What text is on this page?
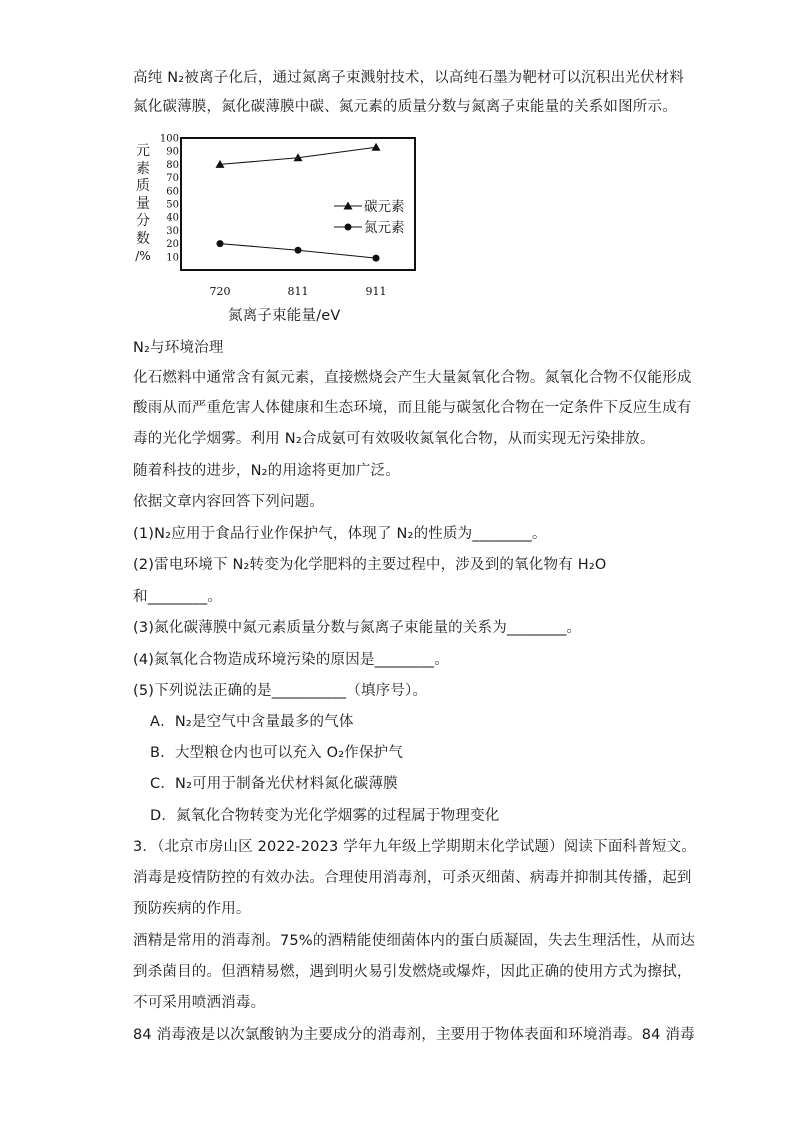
高纯 N₂被离子化后，通过氮离子束溅射技术，以高纯石墨为靶材可以沉积出光伏材料
氮化碳薄膜，氮化碳薄膜中碳、氮元素的质量分数与氮离子束能量的关系如图所示。
元
素
质
量
分
数
/%
100
90
80
70
60
50
40
30
20
10
720	811	911
碳元素
氮元素
氮离子束能量/eV
N₂与环境治理
化石燃料中通常含有氮元素，直接燃烧会产生大量氮氧化合物。氮氧化合物不仅能形成
酸雨从而严重危害人体健康和生态环境，而且能与碳氢化合物在一定条件下反应生成有
毒的光化学烟雾。利用 N₂合成氨可有效吸收氮氧化合物，从而实现无污染排放。
随着科技的进步，N₂的用途将更加广泛。
依据文章内容回答下列问题。
(1)N₂应用于食品行业作保护气，体现了 N₂的性质为________。
(2)雷电环境下 N₂转变为化学肥料的主要过程中，涉及到的氧化物有 H₂O
和________。
(3)氮化碳薄膜中氮元素质量分数与氮离子束能量的关系为________。
(4)氮氧化合物造成环境污染的原因是________。
(5)下列说法正确的是__________（填序号）。
A．N₂是空气中含量最多的气体
B．大型粮仓内也可以充入 O₂作保护气
C．N₂可用于制备光伏材料氮化碳薄膜
D．氮氧化合物转变为光化学烟雾的过程属于物理变化
3．（北京市房山区 2022-2023 学年九年级上学期期末化学试题）阅读下面科普短文。
消毒是疫情防控的有效办法。合理使用消毒剂，可杀灭细菌、病毒并抑制其传播，起到
预防疾病的作用。
酒精是常用的消毒剂。75%的酒精能使细菌体内的蛋白质凝固，失去生理活性，从而达
到杀菌目的。但酒精易燃，遇到明火易引发燃烧或爆炸，因此正确的使用方式为擦拭，
不可采用喷洒消毒。
84 消毒液是以次氯酸钠为主要成分的消毒剂，主要用于物体表面和环境消毒。84 消毒
